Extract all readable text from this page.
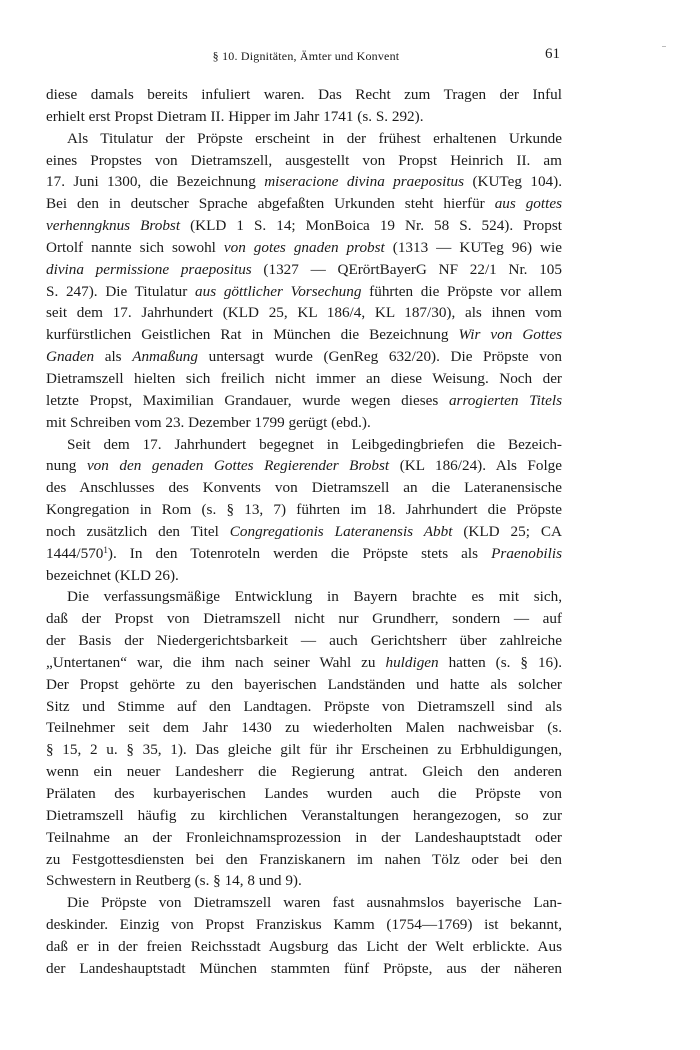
§ 10. Dignitäten, Ämter und Konvent	61
diese damals bereits infuliert waren. Das Recht zum Tragen der Inful
erhielt erst Propst Dietram II. Hipper im Jahr 1741 (s. S. 292).
Als Titulatur der Pröpste erscheint in der frühest erhaltenen Urkunde
eines Propstes von Dietramszell, ausgestellt von Propst Heinrich II. am
17. Juni 1300, die Bezeichnung miseracione divina praepositus (KUTeg 104).
Bei den in deutscher Sprache abgefaßten Urkunden steht hierfür aus gottes
verhenngknus Brobst (KLD 1 S. 14; MonBoica 19 Nr. 58 S. 524). Propst
Ortolf nannte sich sowohl von gotes gnaden probst (1313 — KUTeg 96) wie
divina permissione praepositus (1327 — QErörtBayerG NF 22/1 Nr. 105
S. 247). Die Titulatur aus göttlicher Vorsechung führten die Pröpste vor allem
seit dem 17. Jahrhundert (KLD 25, KL 186/4, KL 187/30), als ihnen vom
kurfürstlichen Geistlichen Rat in München die Bezeichnung Wir von Gottes
Gnaden als Anmaßung untersagt wurde (GenReg 632/20). Die Pröpste von
Dietramszell hielten sich freilich nicht immer an diese Weisung. Noch der
letzte Propst, Maximilian Grandauer, wurde wegen dieses arrogierten Titels
mit Schreiben vom 23. Dezember 1799 gerügt (ebd.).
Seit dem 17. Jahrhundert begegnet in Leibgedingbriefen die Bezeich-
nung von den genaden Gottes Regierender Brobst (KL 186/24). Als Folge
des Anschlusses des Konvents von Dietramszell an die Lateranensische
Kongregation in Rom (s. § 13, 7) führten im 18. Jahrhundert die Pröpste
noch zusätzlich den Titel Congregationis Lateranensis Abbt (KLD 25; CA
$1444/570^1$). In den Totenroteln werden die Pröpste stets als Praenobilis
bezeichnet (KLD 26).
Die verfassungsmäßige Entwicklung in Bayern brachte es mit sich,
daß der Propst von Dietramszell nicht nur Grundherr, sondern — auf
der Basis der Niedergerichtsbarkeit — auch Gerichtsherr über zahlreiche
„Untertanen“ war, die ihm nach seiner Wahl zu huldigen hatten (s. § 16).
Der Propst gehörte zu den bayerischen Landständen und hatte als solcher
Sitz und Stimme auf den Landtagen. Pröpste von Dietramszell sind als
Teilnehmer seit dem Jahr 1430 zu wiederholten Malen nachweisbar (s.
§ 15, 2 u. § 35, 1). Das gleiche gilt für ihr Erscheinen zu Erbhuldigungen,
wenn ein neuer Landesherr die Regierung antrat. Gleich den anderen
Prälaten des kurbayerischen Landes wurden auch die Pröpste von
Dietramszell häufig zu kirchlichen Veranstaltungen herangezogen, so zur
Teilnahme an der Fronleichnamsprozession in der Landeshauptstadt oder
zu Festgottesdiensten bei den Franziskanern im nahen Tölz oder bei den
Schwestern in Reutberg (s. § 14, 8 und 9).
Die Pröpste von Dietramszell waren fast ausnahmslos bayerische Lan-
deskinder. Einzig von Propst Franziskus Kamm (1754—1769) ist bekannt,
daß er in der freien Reichsstadt Augsburg das Licht der Welt erblickte. Aus
der Landeshauptstadt München stammten fünf Pröpste, aus der näheren
